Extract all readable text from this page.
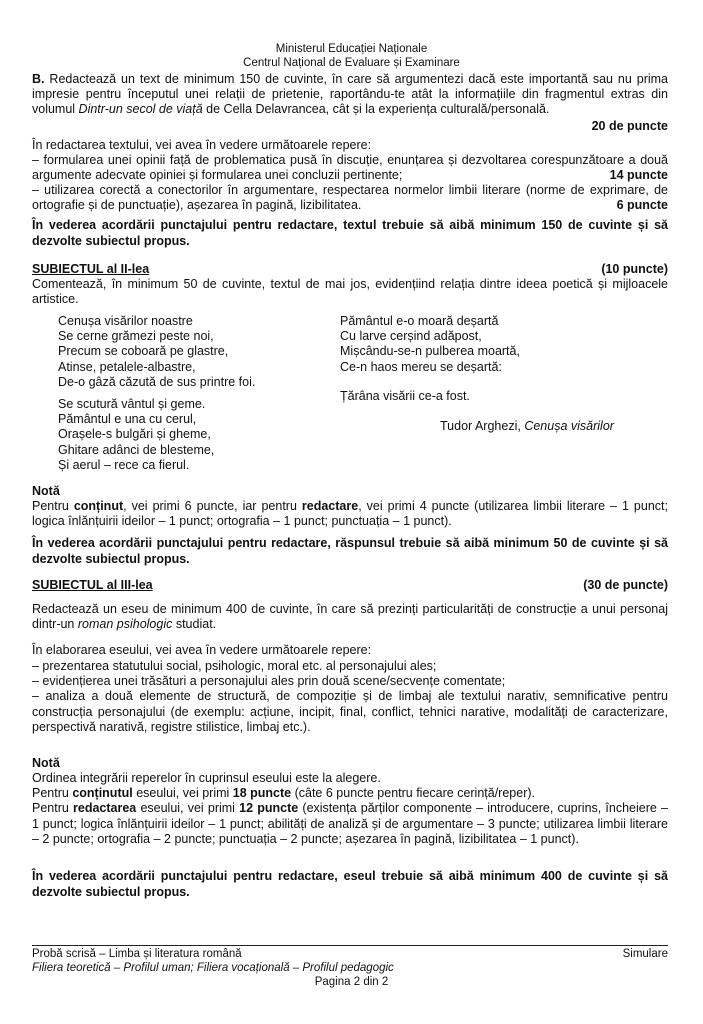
Ministerul Educației Naționale
Centrul Național de Evaluare și Examinare
B. Redactează un text de minimum 150 de cuvinte, în care să argumentezi dacă este importantă sau nu prima impresie pentru începutul unei relații de prietenie, raportându-te atât la informațiile din fragmentul extras din volumul Dintr-un secol de viață de Cella Delavrancea, cât și la experiența culturală/personală.
20 de puncte
În redactarea textului, vei avea în vedere următoarele repere:
– formularea unei opinii față de problematica pusă în discuție, enunțarea și dezvoltarea corespunzătoare a două argumente adecvate opiniei și formularea unei concluzii pertinente;	14 puncte
– utilizarea corectă a conectorilor în argumentare, respectarea normelor limbii literare (norme de exprimare, de ortografie și de punctuație), așezarea în pagină, lizibilitatea.	6 puncte
În vederea acordării punctajului pentru redactare, textul trebuie să aibă minimum 150 de cuvinte și să dezvolte subiectul propus.
SUBIECTUL al II-lea	(10 puncte)
Comentează, în minimum 50 de cuvinte, textul de mai jos, evidențiind relația dintre ideea poetică și mijloacele artistice.
Cenușa visărilor noastre
Se cerne grămezi peste noi,
Precum se coboară pe glastre,
Atinse, petalele-albastre,
De-o gâză căzută de sus printre foi.
Se scutură vântul și geme.
Pământul e una cu cerul,
Orașele-s bulgări și gheme,
Ghitare adânci de blesteme,
Și aerul – rece ca fierul.
Pământul e-o moară deșartă
Cu larve cerșind adăpost,
Mișcându-se-n pulberea moartă,
Ce-n haos mereu se deșartă:
Țărâna visării ce-a fost.
Tudor Arghezi, Cenușa visărilor
Notă
Pentru conținut, vei primi 6 puncte, iar pentru redactare, vei primi 4 puncte (utilizarea limbii literare – 1 punct; logica înlănțuirii ideilor – 1 punct; ortografia – 1 punct; punctuația – 1 punct).
În vederea acordării punctajului pentru redactare, răspunsul trebuie să aibă minimum 50 de cuvinte și să dezvolte subiectul propus.
SUBIECTUL al III-lea	(30 de puncte)
Redactează un eseu de minimum 400 de cuvinte, în care să prezinți particularități de construcție a unui personaj dintr-un roman psihologic studiat.
În elaborarea eseului, vei avea în vedere următoarele repere:

– prezentarea statutului social, psihologic, moral etc. al personajului ales;

– evidențierea unei trăsături a personajului ales prin două scene/secvențe comentate;

– analiza a două elemente de structură, de compoziție și de limbaj ale textului narativ, semnificative pentru construcția personajului (de exemplu: acțiune, incipit, final, conflict, tehnici narative, modalități de caracterizare, perspectivă narativă, registre stilistice, limbaj etc.).

Notă

Ordinea integrării reperelor în cuprinsul eseului este la alegere.

Pentru conținutul eseului, vei primi 18 puncte (câte 6 puncte pentru fiecare cerință/reper).

Pentru redactarea eseului, vei primi 12 puncte (existența părților componente – introducere, cuprins, încheiere – 1 punct; logica înlănțuirii ideilor – 1 punct; abilități de analiză și de argumentare – 3 puncte; utilizarea limbii literare – 2 puncte; ortografia – 2 puncte; punctuația – 2 puncte; așezarea în pagină, lizibilitatea – 1 punct).

În vederea acordării punctajului pentru redactare, eseul trebuie să aibă minimum 400 de cuvinte și să dezvolte subiectul propus.
Probă scrisă – Limba și literatura română	Simulare
Filiera teoretică – Profilul uman; Filiera vocațională – Profilul pedagogic
Pagina 2 din 2
